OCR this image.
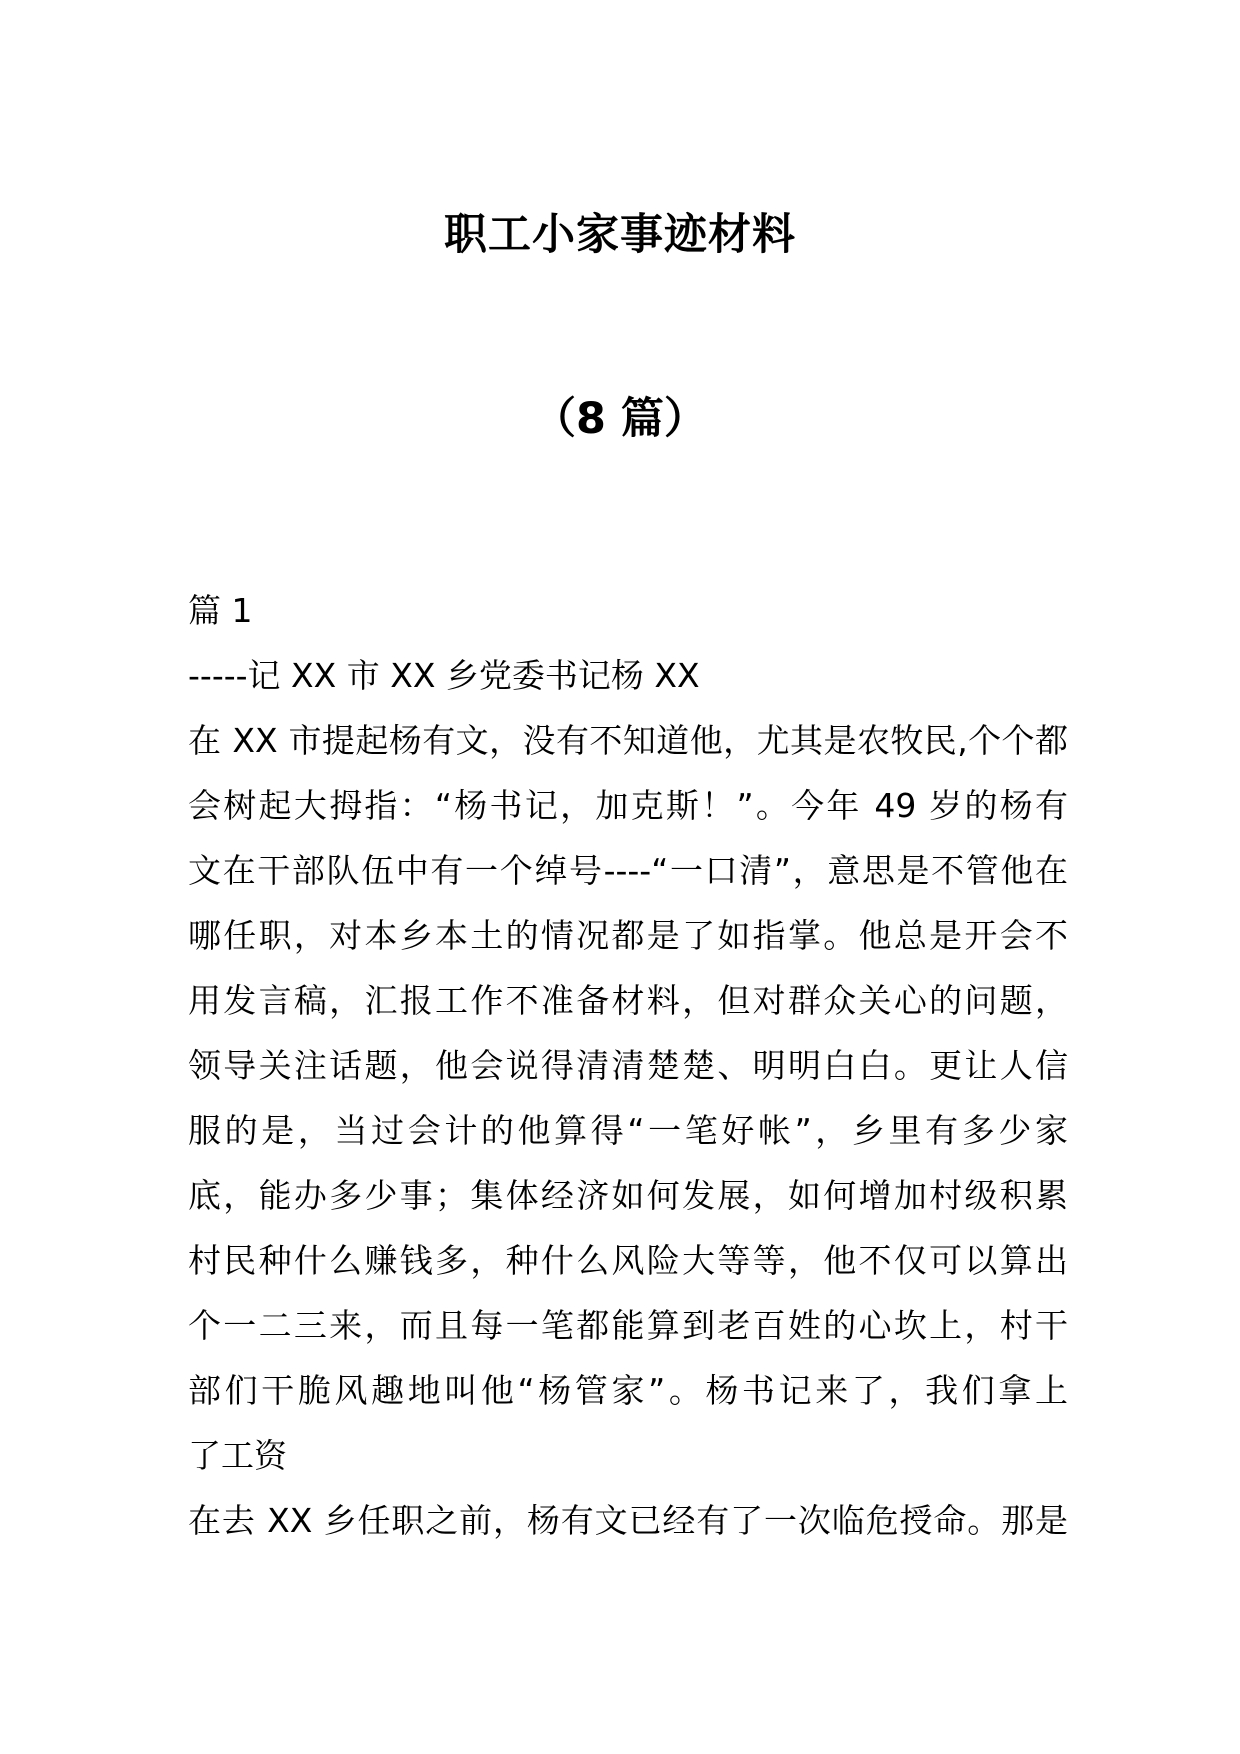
职工小家事迹材料
（8 篇）
篇 1
-----记 XX 市 XX 乡党委书记杨 XX
在 XX 市提起杨有文，没有不知道他，尤其是农牧民,个个都
会树起大拇指：“杨书记，加克斯！”。今年 49 岁的杨有
文在干部队伍中有一个绰号----“一口清”，意思是不管他在
哪任职，对本乡本土的情况都是了如指掌。他总是开会不
用发言稿，汇报工作不准备材料，但对群众关心的问题，
领导关注话题，他会说得清清楚楚、明明白白。更让人信
服的是，当过会计的他算得“一笔好帐”，乡里有多少家
底，能办多少事；集体经济如何发展，如何增加村级积累
村民种什么赚钱多，种什么风险大等等，他不仅可以算出
个一二三来，而且每一笔都能算到老百姓的心坎上，村干
部们干脆风趣地叫他“杨管家”。杨书记来了，我们拿上
了工资
在去 XX 乡任职之前，杨有文已经有了一次临危授命。那是
